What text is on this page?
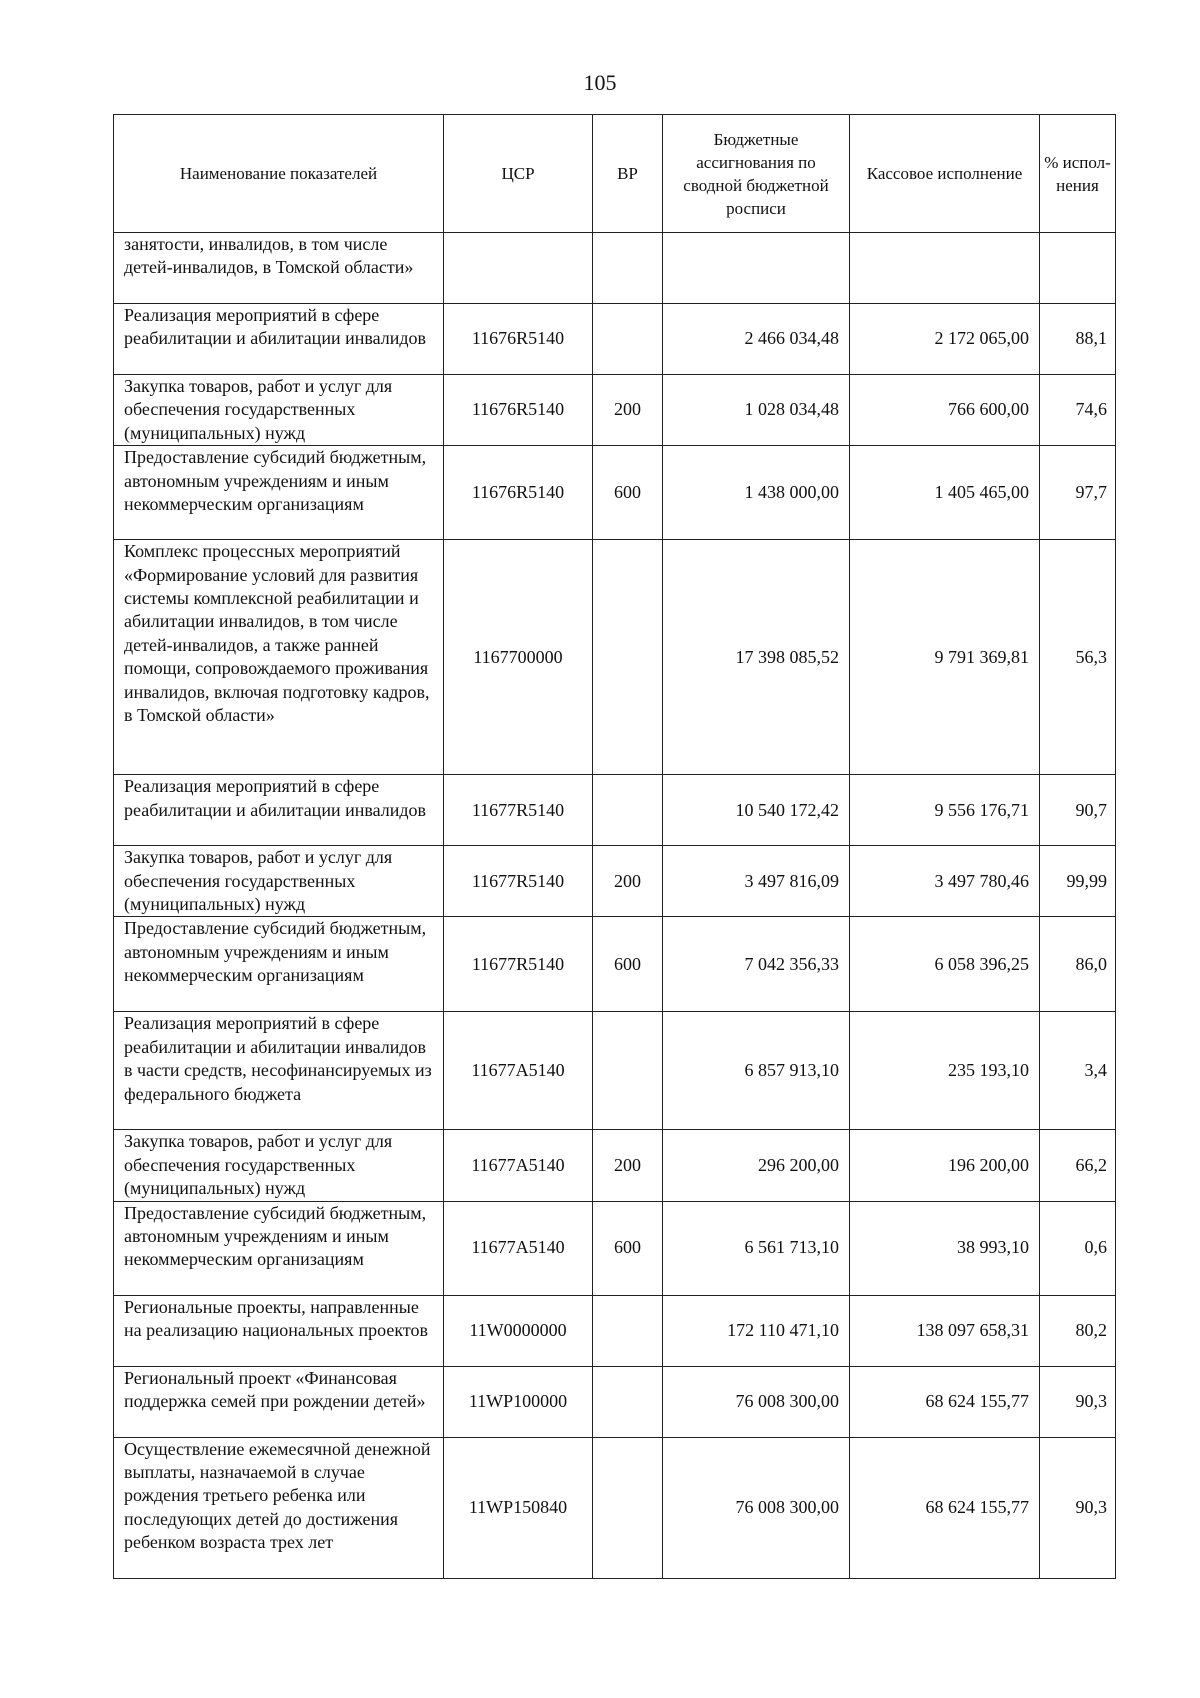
105
Наименование показателей	ЦСР	ВР	Бюджетные ассигнования по сводной бюджетной росписи	Кассовое исполнение	% испол-нения
занятости, инвалидов, в том числе детей-инвалидов, в Томской области»					
Реализация мероприятий в сфере реабилитации и абилитации инвалидов	11676R5140		2 466 034,48	2 172 065,00	88,1
Закупка товаров, работ и услуг для обеспечения государственных (муниципальных) нужд	11676R5140	200	1 028 034,48	766 600,00	74,6
Предоставление субсидий бюджетным, автономным учреждениям и иным некоммерческим организациям	11676R5140	600	1 438 000,00	1 405 465,00	97,7
Комплекс процессных мероприятий «Формирование условий для развития системы комплексной реабилитации и абилитации инвалидов, в том числе детей-инвалидов, а также ранней помощи, сопровождаемого проживания инвалидов, включая подготовку кадров, в Томской области»	1167700000		17 398 085,52	9 791 369,81	56,3
Реализация мероприятий в сфере реабилитации и абилитации инвалидов	11677R5140		10 540 172,42	9 556 176,71	90,7
Закупка товаров, работ и услуг для обеспечения государственных (муниципальных) нужд	11677R5140	200	3 497 816,09	3 497 780,46	99,99
Предоставление субсидий бюджетным, автономным учреждениям и иным некоммерческим организациям	11677R5140	600	7 042 356,33	6 058 396,25	86,0
Реализация мероприятий в сфере реабилитации и абилитации инвалидов в части средств, несофинансируемых из федерального бюджета	11677A5140		6 857 913,10	235 193,10	3,4
Закупка товаров, работ и услуг для обеспечения государственных (муниципальных) нужд	11677A5140	200	296 200,00	196 200,00	66,2
Предоставление субсидий бюджетным, автономным учреждениям и иным некоммерческим организациям	11677A5140	600	6 561 713,10	38 993,10	0,6
Региональные проекты, направленные на реализацию национальных проектов	11W0000000		172 110 471,10	138 097 658,31	80,2
Региональный проект «Финансовая поддержка семей при рождении детей»	11WP100000		76 008 300,00	68 624 155,77	90,3
Осуществление ежемесячной денежной выплаты, назначаемой в случае рождения третьего ребенка или последующих детей до достижения ребенком возраста трех лет	11WP150840		76 008 300,00	68 624 155,77	90,3
